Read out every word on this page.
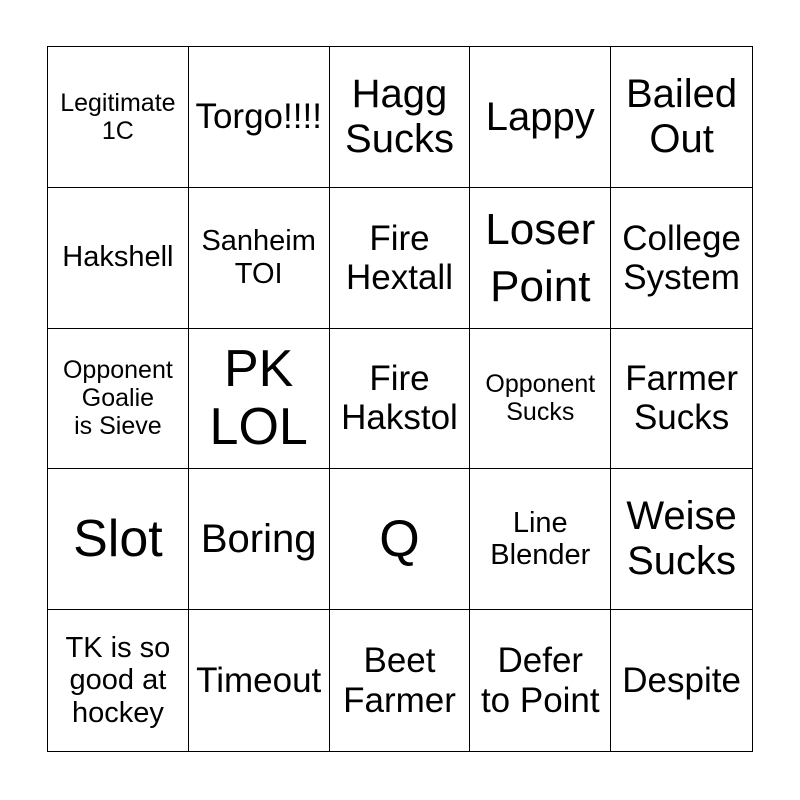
Legitimate
1C	Torgo!!!!
Hagg
Sucks
Lappy
Bailed
Out
Hakshell
Sanheim
TOI
Fire
Hextall
Loser
Point
College
System
Opponent
Goalie
is Sieve
PK
LOL
Fire
Hakstol
Opponent
Sucks
Farmer
Sucks
Slot Boring Q	Line
Blender
Weise
Sucks
TK is so
good at
hockey
Timeout
Beet
Farmer
Defer
to Point
Despite
